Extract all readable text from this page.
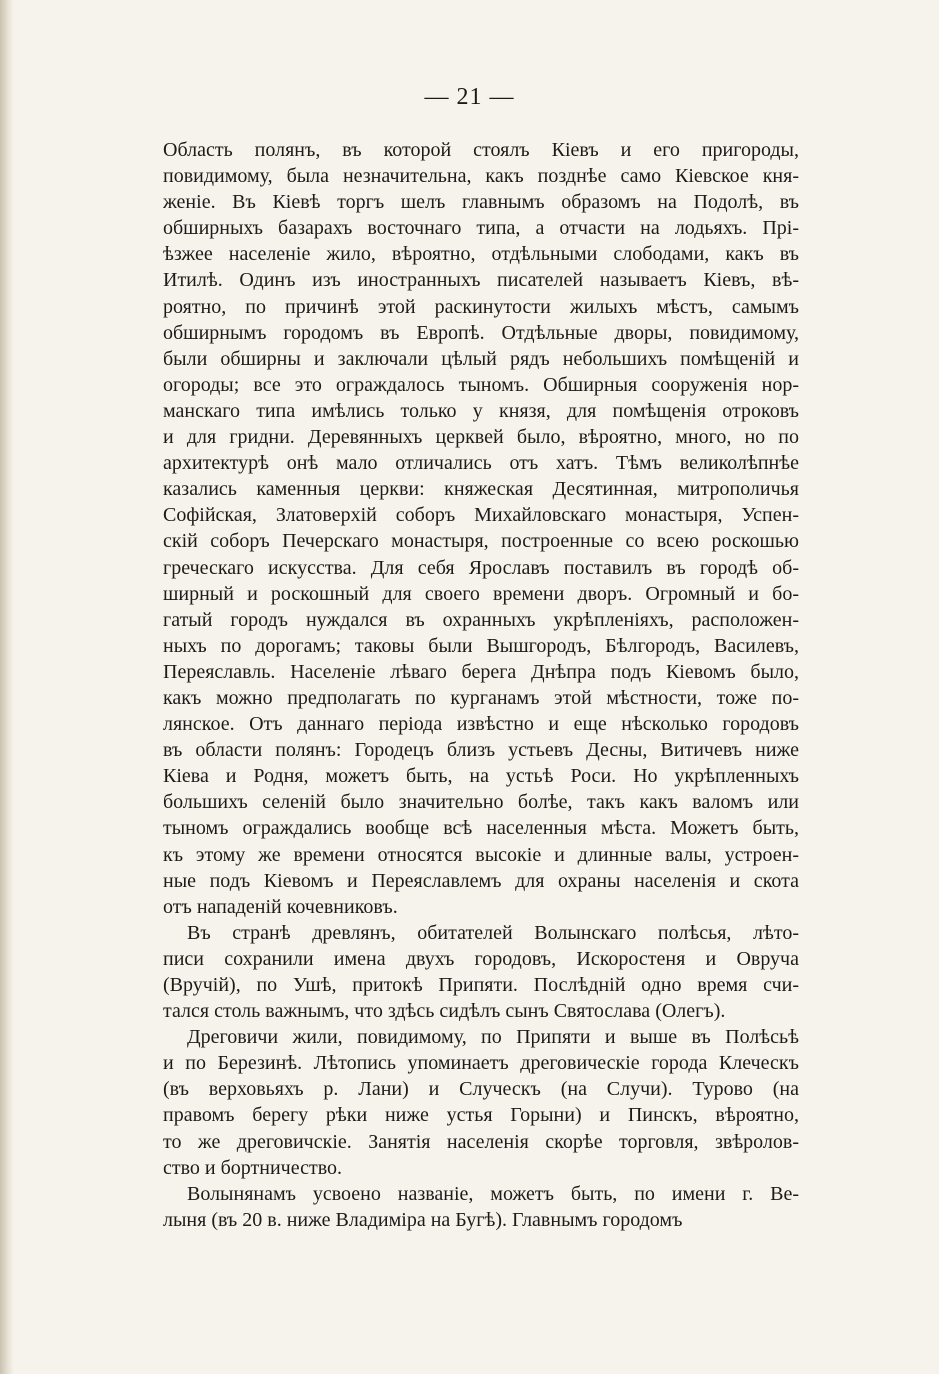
— 21 —
Область полянъ, въ которой стоялъ Кіевъ и его пригороды,
повидимому, была незначительна, какъ позднѣе само Кіевское кня-
женіе. Въ Кіевѣ торгъ шелъ главнымъ образомъ на Подолѣ, въ
обширныхъ базарахъ восточнаго типа, а отчасти на лодьяхъ. Прі-
ѣзжее населеніе жило, вѣроятно, отдѣльными слободами, какъ въ
Итилѣ. Одинъ изъ иностранныхъ писателей называетъ Кіевъ, вѣ-
роятно, по причинѣ этой раскинутости жилыхъ мѣстъ, самымъ
обширнымъ городомъ въ Европѣ. Отдѣльные дворы, повидимому,
были обширны и заключали цѣлый рядъ небольшихъ помѣщеній и
огороды; все это ограждалось тыномъ. Обширныя сооруженія нор-
манскаго типа имѣлись только у князя, для помѣщенія отроковъ
и для гридни. Деревянныхъ церквей было, вѣроятно, много, но по
архитектурѣ онѣ мало отличались отъ хатъ. Тѣмъ великолѣпнѣе
казались каменныя церкви: княжеская Десятинная, митрополичья
Софійская, Златоверхій соборъ Михайловскаго монастыря, Успен-
скій соборъ Печерскаго монастыря, построенные со всею роскошью
греческаго искусства. Для себя Ярославъ поставилъ въ городѣ об-
ширный и роскошный для своего времени дворъ. Огромный и бо-
гатый городъ нуждался въ охранныхъ укрѣпленіяхъ, расположен-
ныхъ по дорогамъ; таковы были Вышгородъ, Бѣлгородъ, Василевъ,
Переяславль. Населеніе лѣваго берега Днѣпра подъ Кіевомъ было,
какъ можно предполагать по курганамъ этой мѣстности, тоже по-
лянское. Отъ даннаго періода извѣстно и еще нѣсколько городовъ
въ области полянъ: Городецъ близъ устьевъ Десны, Витичевъ ниже
Кіева и Родня, можетъ быть, на устьѣ Роси. Но укрѣпленныхъ
большихъ селеній было значительно болѣе, такъ какъ валомъ или
тыномъ ограждались вообще всѣ населенныя мѣста. Можетъ быть,
къ этому же времени относятся высокіе и длинные валы, устроен-
ные подъ Кіевомъ и Переяславлемъ для охраны населенія и скота
отъ нападеній кочевниковъ.
Въ странѣ древлянъ, обитателей Волынскаго полѣсья, лѣто-
писи сохранили имена двухъ городовъ, Искоростеня и Овруча
(Вручій), по Ушѣ, притокѣ Припяти. Послѣдній одно время счи-
тался столь важнымъ, что здѣсь сидѣлъ сынъ Святослава (Олегъ).
Дреговичи жили, повидимому, по Припяти и выше въ Полѣсьѣ
и по Березинѣ. Лѣтопись упоминаетъ дреговическіе города Клеческъ
(въ верховьяхъ р. Лани) и Случескъ (на Случи). Турово (на
правомъ берегу рѣки ниже устья Горыни) и Пинскъ, вѣроятно,
то же дреговичскіе. Занятія населенія скорѣе торговля, звѣролов-
ство и бортничество.
Волынянамъ усвоено названіе, можетъ быть, по имени г. Ве-
лыня (въ 20 в. ниже Владиміра на Бугѣ). Главнымъ городомъ
